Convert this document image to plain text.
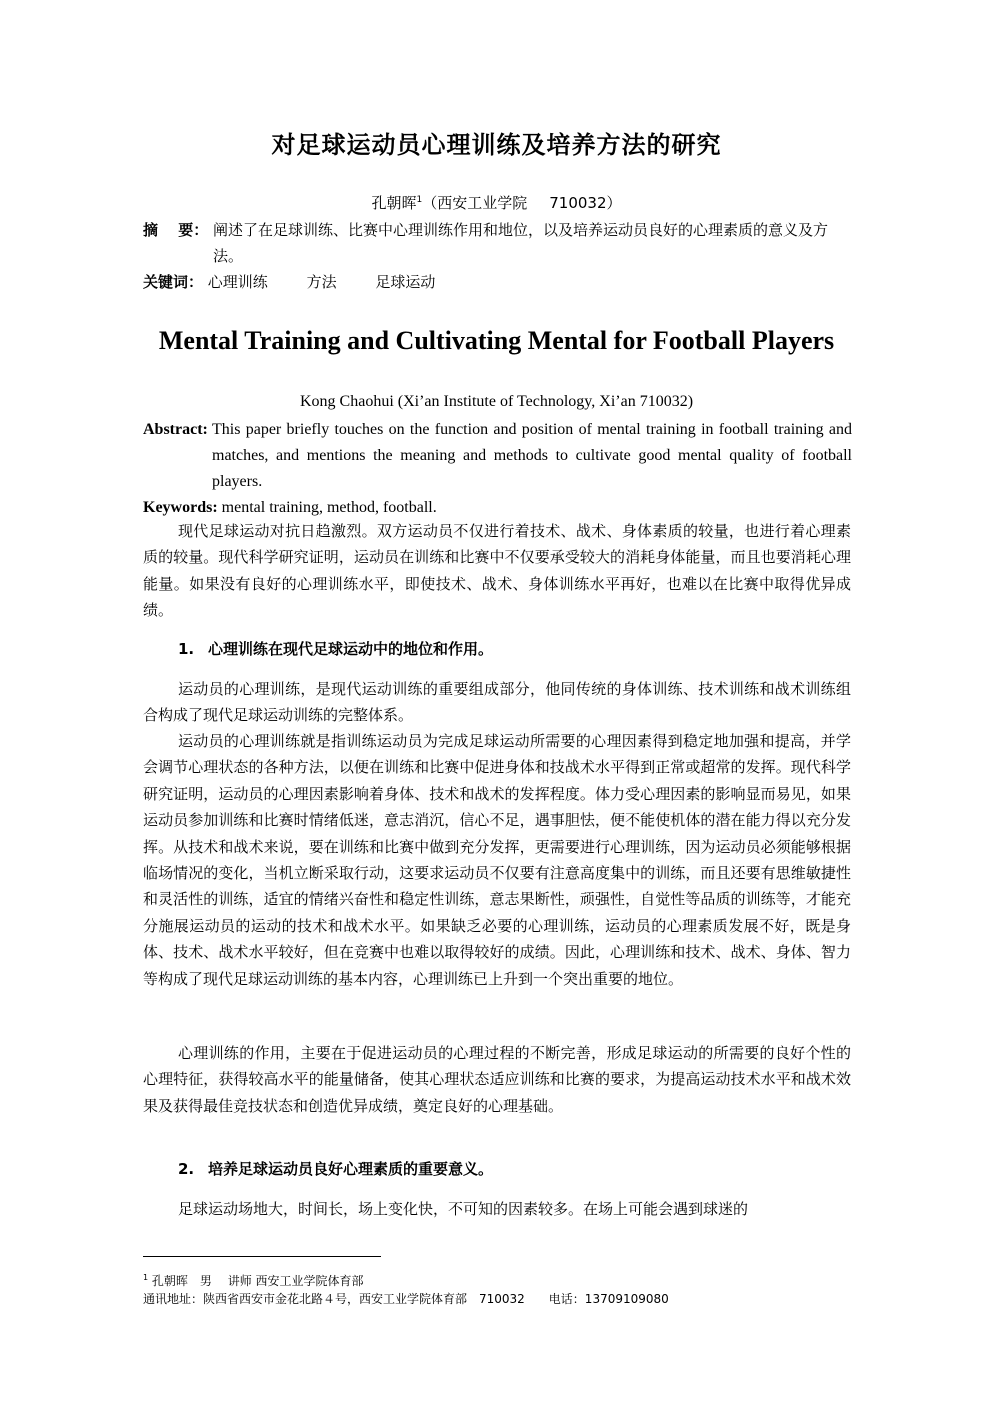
对足球运动员心理训练及培养方法的研究
孔朝晖$^1$（西安工业学院 710032）
摘　 要： 阐述了在足球训练、比赛中心理训练作用和地位，以及培养运动员良好的心理素质的意义及方法。
关键词： 心理训练	方法	足球运动
Mental Training and Cultivating Mental for Football Players
Kong Chaohui (Xi’an Institute of Technology, Xi’an 710032)
Abstract: This paper briefly touches on the function and position of mental training in football training and matches, and mentions the meaning and methods to cultivate good mental quality of football players.
Keywords: mental training, method, football.
现代足球运动对抗日趋激烈。双方运动员不仅进行着技术、战术、身体素质的较量，也进行着心理素质的较量。现代科学研究证明，运动员在训练和比赛中不仅要承受较大的消耗身体能量，而且也要消耗心理能量。如果没有良好的心理训练水平，即使技术、战术、身体训练水平再好，也难以在比赛中取得优异成绩。
1. 心理训练在现代足球运动中的地位和作用。
运动员的心理训练，是现代运动训练的重要组成部分，他同传统的身体训练、技术训练和战术训练组合构成了现代足球运动训练的完整体系。
运动员的心理训练就是指训练运动员为完成足球运动所需要的心理因素得到稳定地加强和提高，并学会调节心理状态的各种方法，以便在训练和比赛中促进身体和技战术水平得到正常或超常的发挥。现代科学研究证明，运动员的心理因素影响着身体、技术和战术的发挥程度。体力受心理因素的影响显而易见，如果运动员参加训练和比赛时情绪低迷，意志消沉，信心不足，遇事胆怯，便不能使机体的潜在能力得以充分发挥。从技术和战术来说，要在训练和比赛中做到充分发挥，更需要进行心理训练，因为运动员必须能够根据临场情况的变化，当机立断采取行动，这要求运动员不仅要有注意高度集中的训练，而且还要有思维敏捷性和灵活性的训练，适宜的情绪兴奋性和稳定性训练，意志果断性，顽强性，自觉性等品质的训练等，才能充分施展运动员的运动的技术和战术水平。如果缺乏必要的心理训练，运动员的心理素质发展不好，既是身体、技术、战术水平较好，但在竞赛中也难以取得较好的成绩。因此，心理训练和技术、战术、身体、智力等构成了现代足球运动训练的基本内容，心理训练已上升到一个突出重要的地位。
心理训练的作用，主要在于促进运动员的心理过程的不断完善，形成足球运动的所需要的良好个性的心理特征，获得较高水平的能量储备，使其心理状态适应训练和比赛的要求，为提高运动技术水平和战术效果及获得最佳竞技状态和创造优异成绩，奠定良好的心理基础。
2. 培养足球运动员良好心理素质的重要意义。
足球运动场地大，时间长，场上变化快，不可知的因素较多。在场上可能会遇到球迷的
$^1$ 孔朝晖　男　 讲师 西安工业学院体育部
通讯地址：陕西省西安市金花北路４号，西安工业学院体育部　710032　　电话：13709109080
